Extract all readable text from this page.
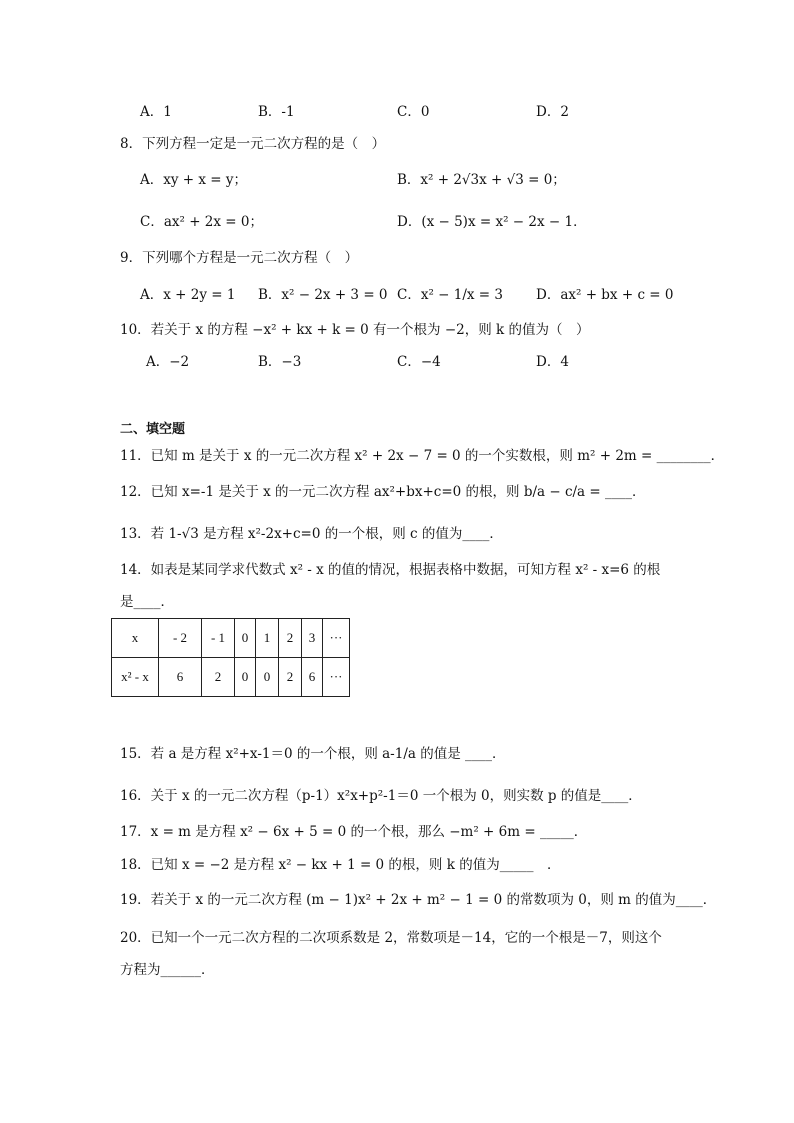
A．1	B．-1	C．0	D．2
8．下列方程一定是一元二次方程的是（　）
A．xy + x = y；	B．x² + 2√3x + √3 = 0；
C．ax² + 2x = 0；	D．(x − 5)x = x² − 2x − 1．
9．下列哪个方程是一元二次方程（　）
A．x + 2y = 1 B．x² − 2x + 3 = 0 C．x² − 1/x = 3 D．ax² + bx + c = 0
10．若关于 x 的方程 −x² + kx + k = 0 有一个根为 −2，则 k 的值为（　）
A．−2	B．−3	C．−4	D．4
二、填空题
11．已知 m 是关于 x 的一元二次方程 x² + 2x − 7 = 0 的一个实数根，则 m² + 2m = ________．
12．已知 x=-1 是关于 x 的一元二次方程 ax²+bx+c=0 的根，则 b/a − c/a = ____．
13．若 1-√3 是方程 x²-2x+c=0 的一个根，则 c 的值为____．
14．如表是某同学求代数式 x² - x 的值的情况，根据表格中数据，可知方程 x² - x=6 的根
是____．
x	- 2	- 1	0	1	2	3	···
x² - x	6	2	0	0	2	6	···
15．若 a 是方程 x²+x-1＝0 的一个根，则 a-1/a 的值是 ____．
16．关于 x 的一元二次方程（p-1）x²x+p²-1＝0 一个根为 0，则实数 p 的值是____．
17．x = m 是方程 x² − 6x + 5 = 0 的一个根，那么 −m² + 6m = _____．
18．已知 x = −2 是方程 x² − kx + 1 = 0 的根，则 k 的值为_____　．
19．若关于 x 的一元二次方程 (m − 1)x² + 2x + m² − 1 = 0 的常数项为 0，则 m 的值为____．
20．已知一个一元二次方程的二次项系数是 2，常数项是－14，它的一个根是－7，则这个
方程为______．
